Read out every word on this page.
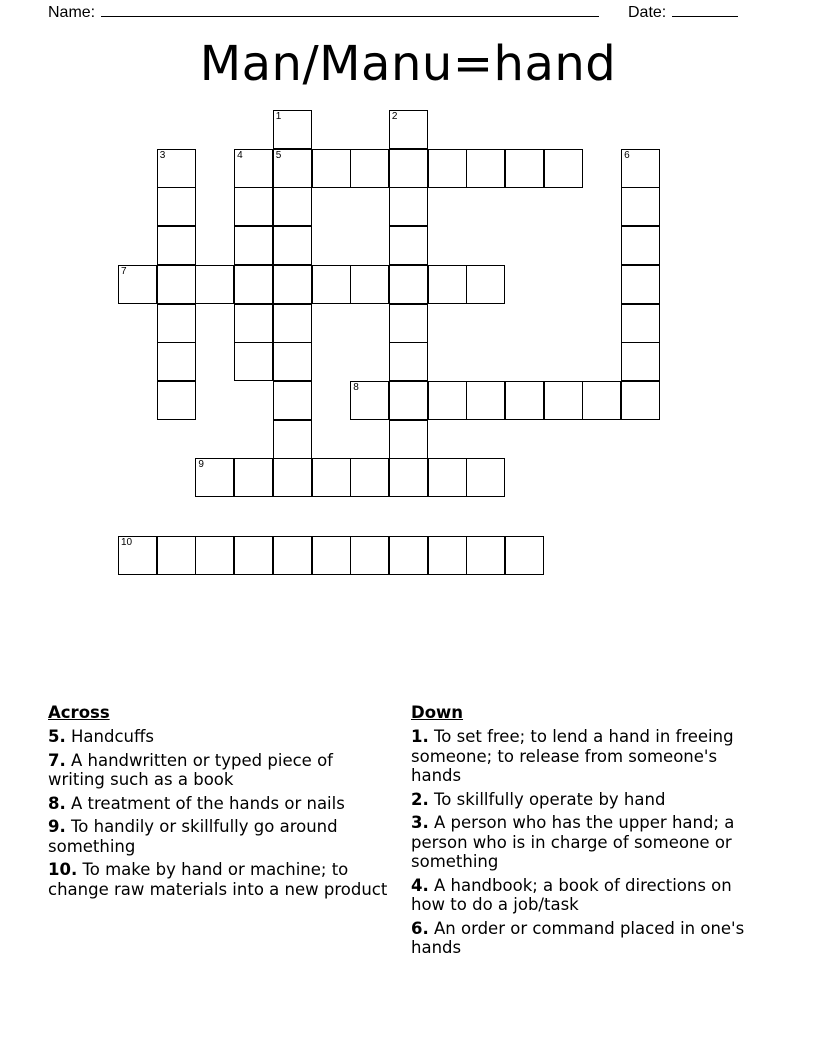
Name:	Date:
Man/Manu=hand
1	2
3	4	5	6
7
8
9
10
Across
5. Handcuffs
7. A handwritten or typed piece of writing such as a book
8. A treatment of the hands or nails
9. To handily or skillfully go around something
10. To make by hand or machine; to change raw materials into a new product
Down
1. To set free; to lend a hand in freeing someone; to release from someone's hands
2. To skillfully operate by hand
3. A person who has the upper hand; a person who is in charge of someone or something
4. A handbook; a book of directions on how to do a job/task
6. An order or command placed in one's hands
